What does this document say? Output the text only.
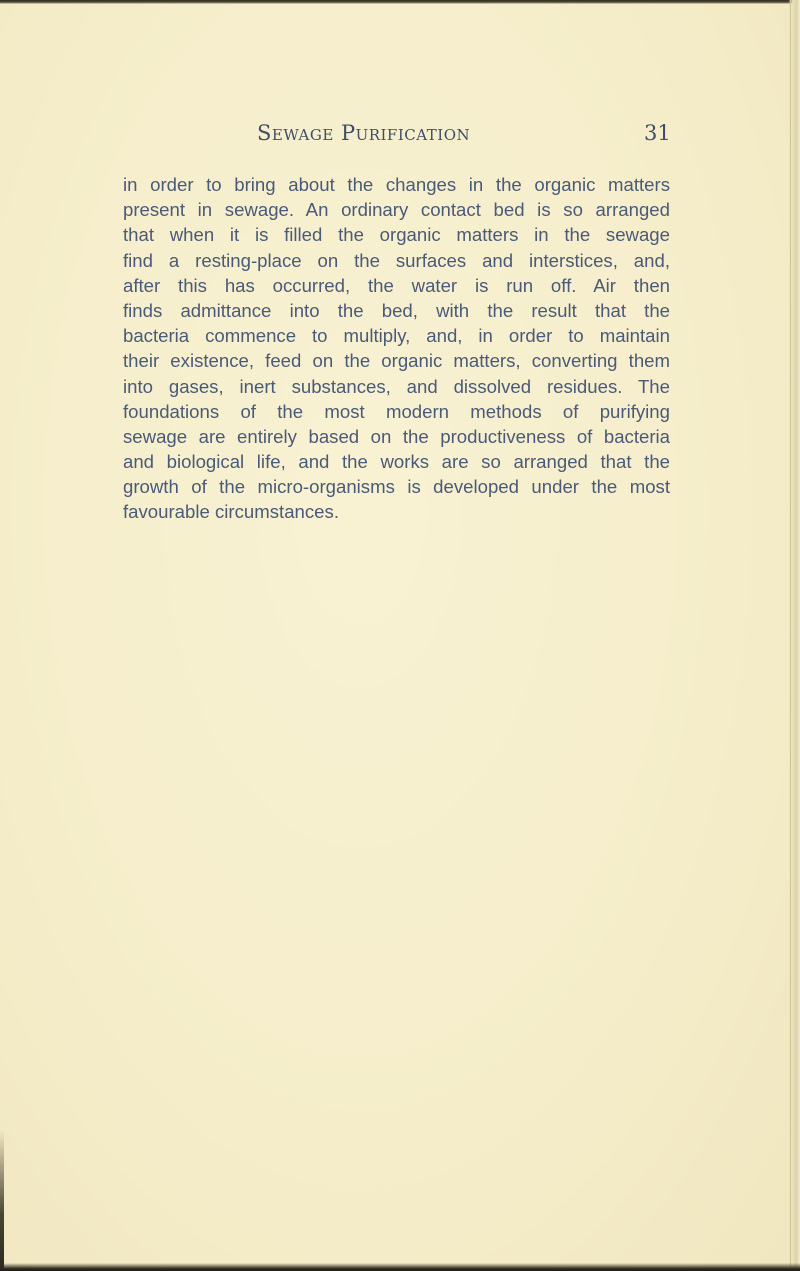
Sewage Purification	31
in order to bring about the changes in the organic matters
present in sewage. An ordinary contact bed is so arranged
that when it is filled the organic matters in the sewage
find a resting-place on the surfaces and interstices, and,
after this has occurred, the water is run off. Air then
finds admittance into the bed, with the result that the
bacteria commence to multiply, and, in order to maintain
their existence, feed on the organic matters, converting them
into gases, inert substances, and dissolved residues. The
foundations of the most modern methods of purifying
sewage are entirely based on the productiveness of bacteria
and biological life, and the works are so arranged that the
growth of the micro-organisms is developed under the most
favourable circumstances.
